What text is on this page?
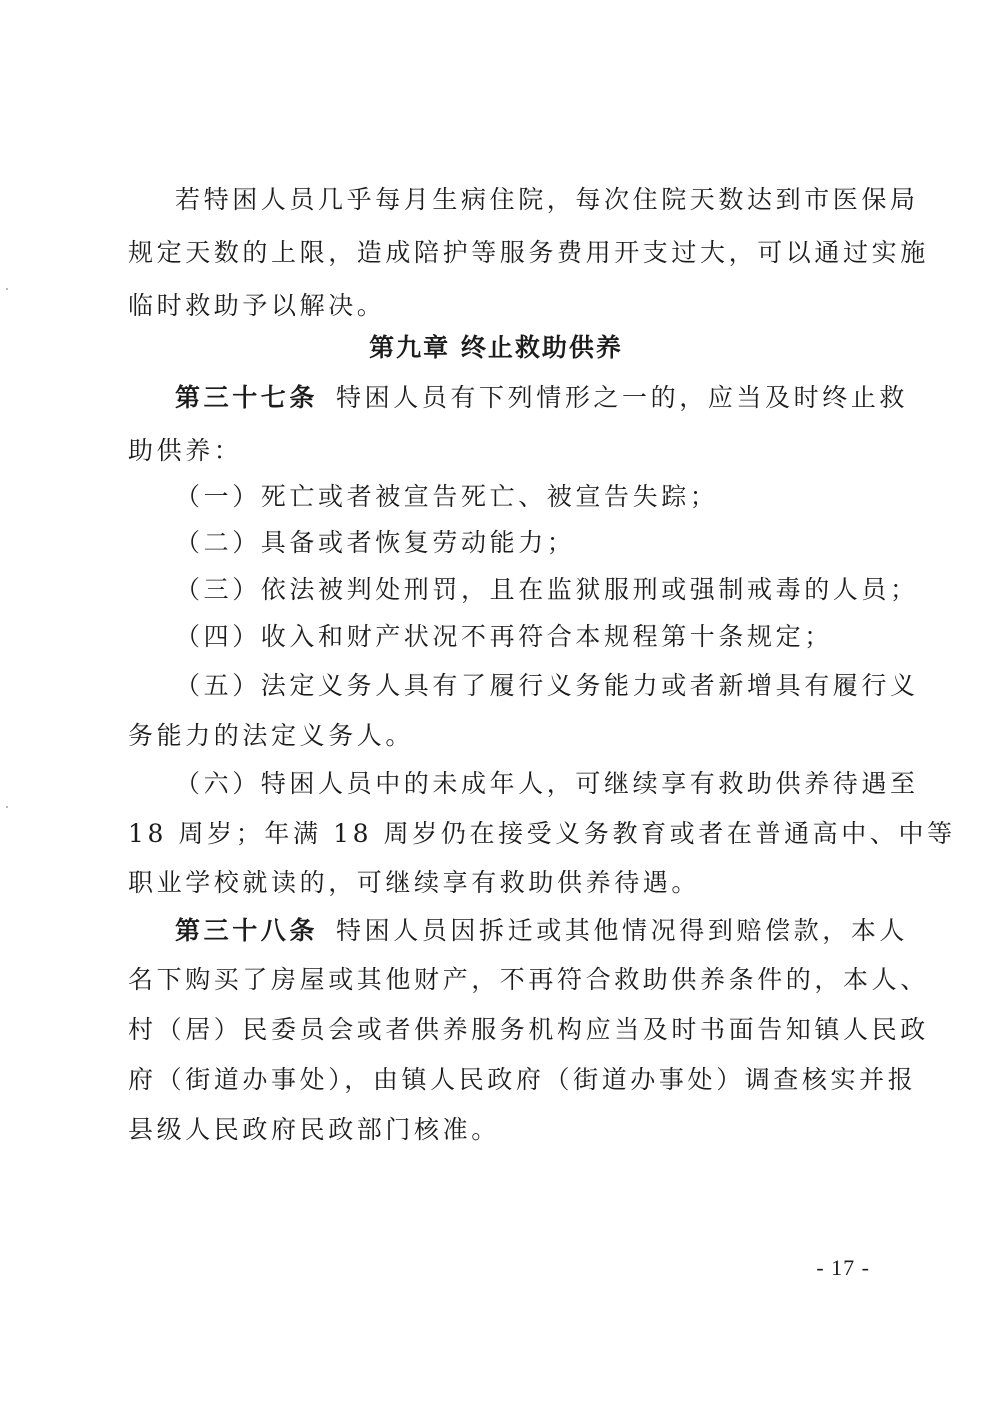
若特困人员几乎每月生病住院，每次住院天数达到市医保局
规定天数的上限，造成陪护等服务费用开支过大，可以通过实施
临时救助予以解决。
第九章 终止救助供养
第三十七条 特困人员有下列情形之一的，应当及时终止救
助供养：
（一）死亡或者被宣告死亡、被宣告失踪；
（二）具备或者恢复劳动能力；
（三）依法被判处刑罚，且在监狱服刑或强制戒毒的人员；
（四）收入和财产状况不再符合本规程第十条规定；
（五）法定义务人具有了履行义务能力或者新增具有履行义
务能力的法定义务人。
（六）特困人员中的未成年人，可继续享有救助供养待遇至
18 周岁；年满 18 周岁仍在接受义务教育或者在普通高中、中等
职业学校就读的，可继续享有救助供养待遇。
第三十八条 特困人员因拆迁或其他情况得到赔偿款，本人
名下购买了房屋或其他财产，不再符合救助供养条件的，本人、
村（居）民委员会或者供养服务机构应当及时书面告知镇人民政
府（街道办事处），由镇人民政府（街道办事处）调查核实并报
县级人民政府民政部门核准。
- 17 -
